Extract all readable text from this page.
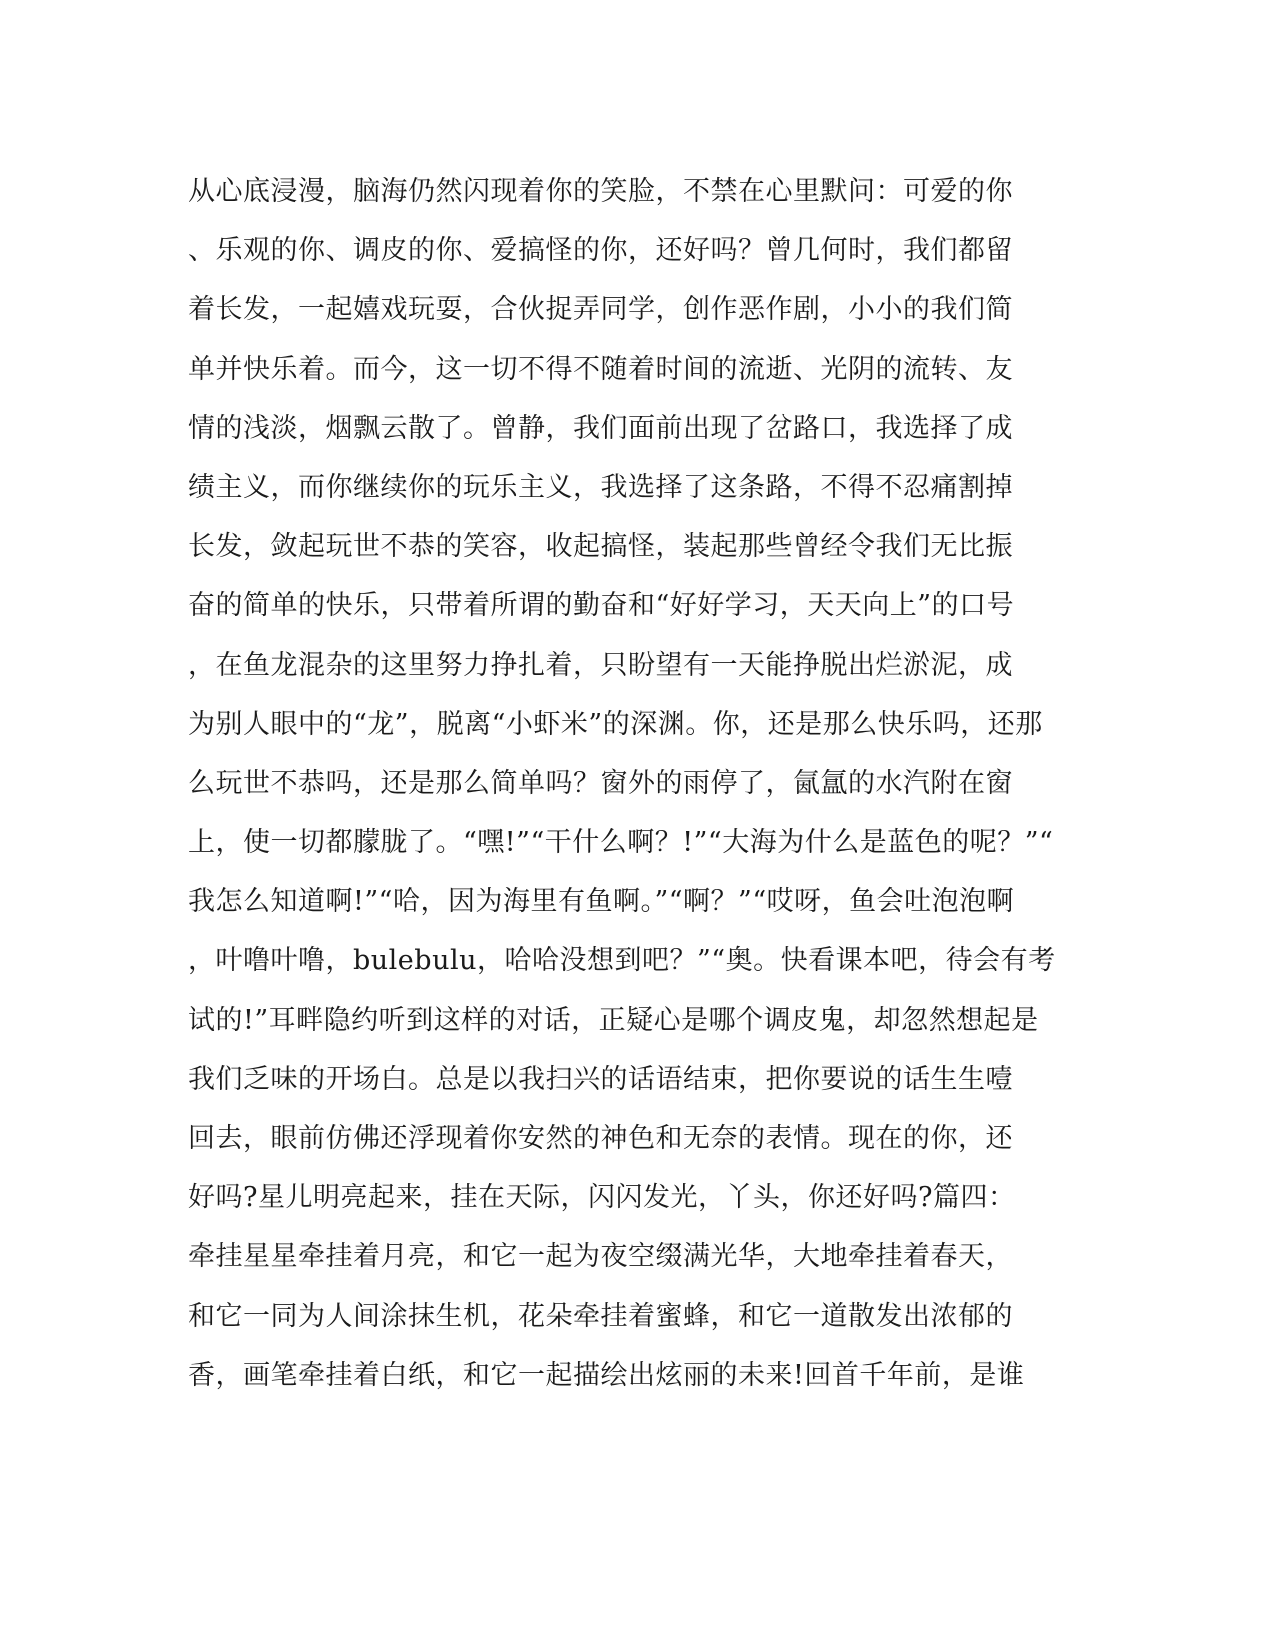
从心底浸漫，脑海仍然闪现着你的笑脸，不禁在心里默问：可爱的你
、乐观的你、调皮的你、爱搞怪的你，还好吗？曾几何时，我们都留
着长发，一起嬉戏玩耍，合伙捉弄同学，创作恶作剧，小小的我们简
单并快乐着。而今，这一切不得不随着时间的流逝、光阴的流转、友
情的浅淡，烟飘云散了。曾静，我们面前出现了岔路口，我选择了成
绩主义，而你继续你的玩乐主义，我选择了这条路，不得不忍痛割掉
长发，敛起玩世不恭的笑容，收起搞怪，装起那些曾经令我们无比振
奋的简单的快乐，只带着所谓的勤奋和“好好学习，天天向上”的口号
，在鱼龙混杂的这里努力挣扎着，只盼望有一天能挣脱出烂淤泥，成
为别人眼中的“龙”，脱离“小虾米”的深渊。你，还是那么快乐吗，还那
么玩世不恭吗，还是那么简单吗？窗外的雨停了，氤氲的水汽附在窗
上，使一切都朦胧了。“嘿!”“干什么啊？!”“大海为什么是蓝色的呢？”“
我怎么知道啊!”“哈，因为海里有鱼啊。”“啊？”“哎呀，鱼会吐泡泡啊
，叶噜叶噜，bulebulu，哈哈没想到吧？”“奥。快看课本吧，待会有考
试的!”耳畔隐约听到这样的对话，正疑心是哪个调皮鬼，却忽然想起是
我们乏味的开场白。总是以我扫兴的话语结束，把你要说的话生生噎
回去，眼前仿佛还浮现着你安然的神色和无奈的表情。现在的你，还
好吗?星儿明亮起来，挂在天际，闪闪发光，丫头，你还好吗?篇四：
牵挂星星牵挂着月亮，和它一起为夜空缀满光华，大地牵挂着春天，
和它一同为人间涂抹生机，花朵牵挂着蜜蜂，和它一道散发出浓郁的
香，画笔牵挂着白纸，和它一起描绘出炫丽的未来!回首千年前，是谁
